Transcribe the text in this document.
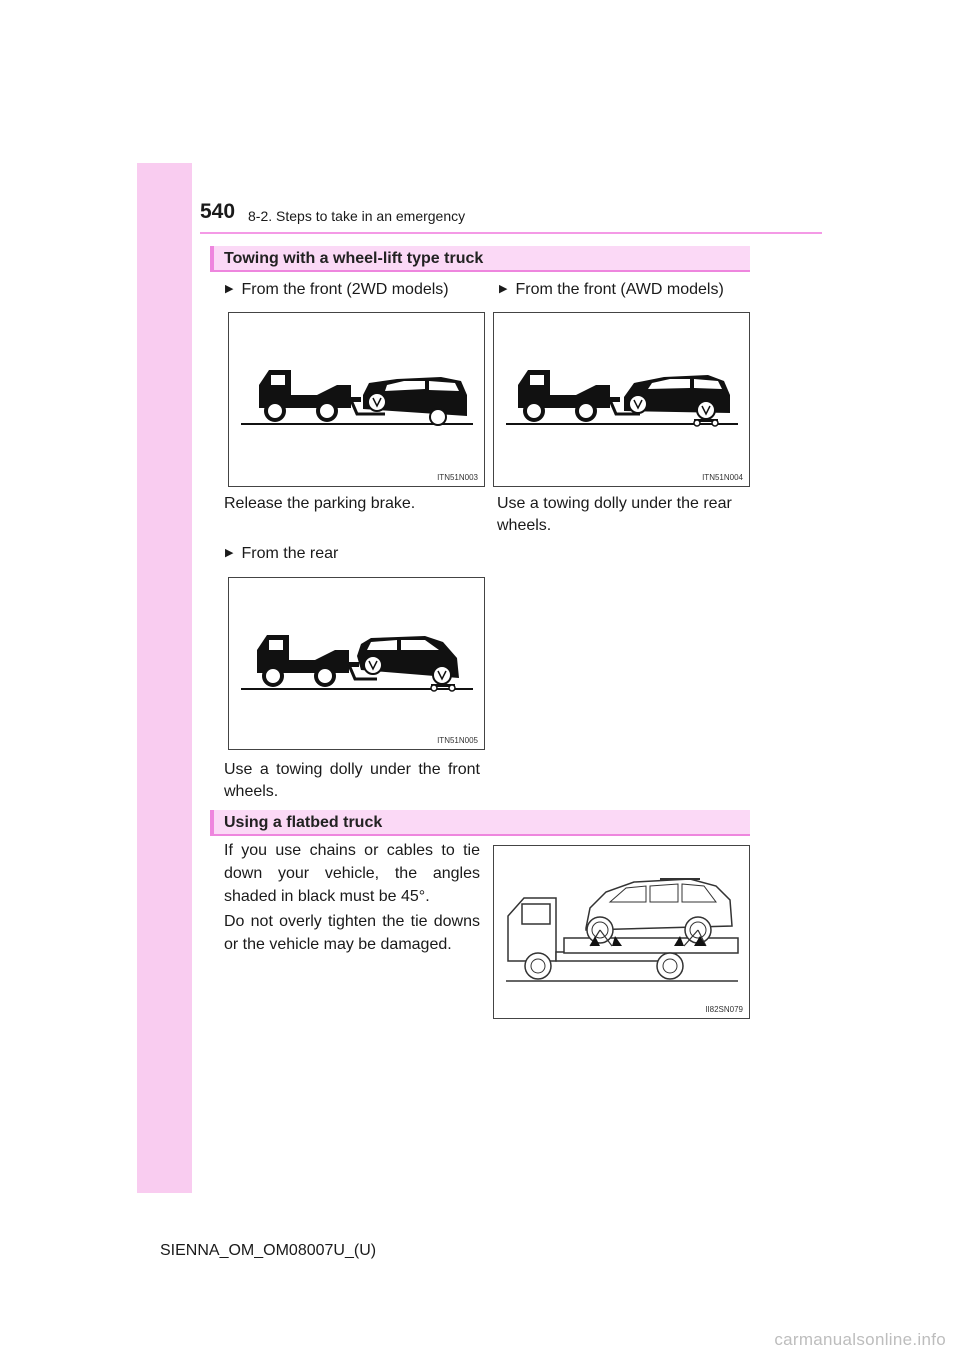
540 8-2. Steps to take in an emergency
Towing with a wheel-lift type truck
▶ From the front (2WD models)	▶ From the front (AWD models)
ITN51N003	ITN51N004
Release the parking brake.	Use a towing dolly under the rear wheels.
▶ From the rear
ITN51N005
Use a towing dolly under the front wheels.
Using a flatbed truck
If you use chains or cables to tie down your vehicle, the angles shaded in black must be 45°.
Do not overly tighten the tie downs or the vehicle may be damaged.
II82SN079
SIENNA_OM_OM08007U_(U)
carmanualsonline.info
